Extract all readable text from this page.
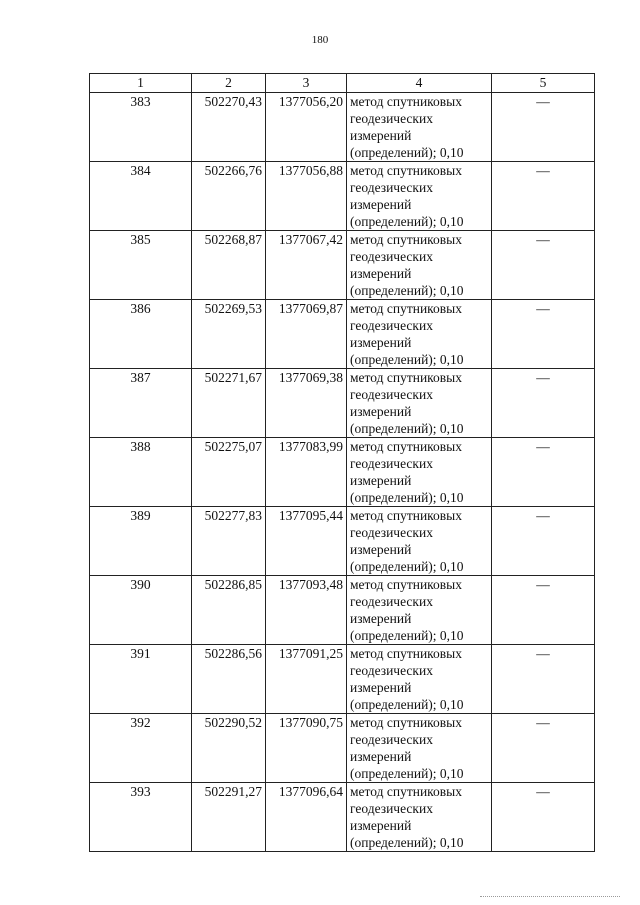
180
1	2	3	4	5
383	502270,43	1377056,20	метод спутниковых
геодезических
измерений
(определений); 0,10	—
384	502266,76	1377056,88	метод спутниковых
геодезических
измерений
(определений); 0,10	—
385	502268,87	1377067,42	метод спутниковых
геодезических
измерений
(определений); 0,10	—
386	502269,53	1377069,87	метод спутниковых
геодезических
измерений
(определений); 0,10	—
387	502271,67	1377069,38	метод спутниковых
геодезических
измерений
(определений); 0,10	—
388	502275,07	1377083,99	метод спутниковых
геодезических
измерений
(определений); 0,10	—
389	502277,83	1377095,44	метод спутниковых
геодезических
измерений
(определений); 0,10	—
390	502286,85	1377093,48	метод спутниковых
геодезических
измерений
(определений); 0,10	—
391	502286,56	1377091,25	метод спутниковых
геодезических
измерений
(определений); 0,10	—
392	502290,52	1377090,75	метод спутниковых
геодезических
измерений
(определений); 0,10	—
393	502291,27	1377096,64	метод спутниковых
геодезических
измерений
(определений); 0,10	—
